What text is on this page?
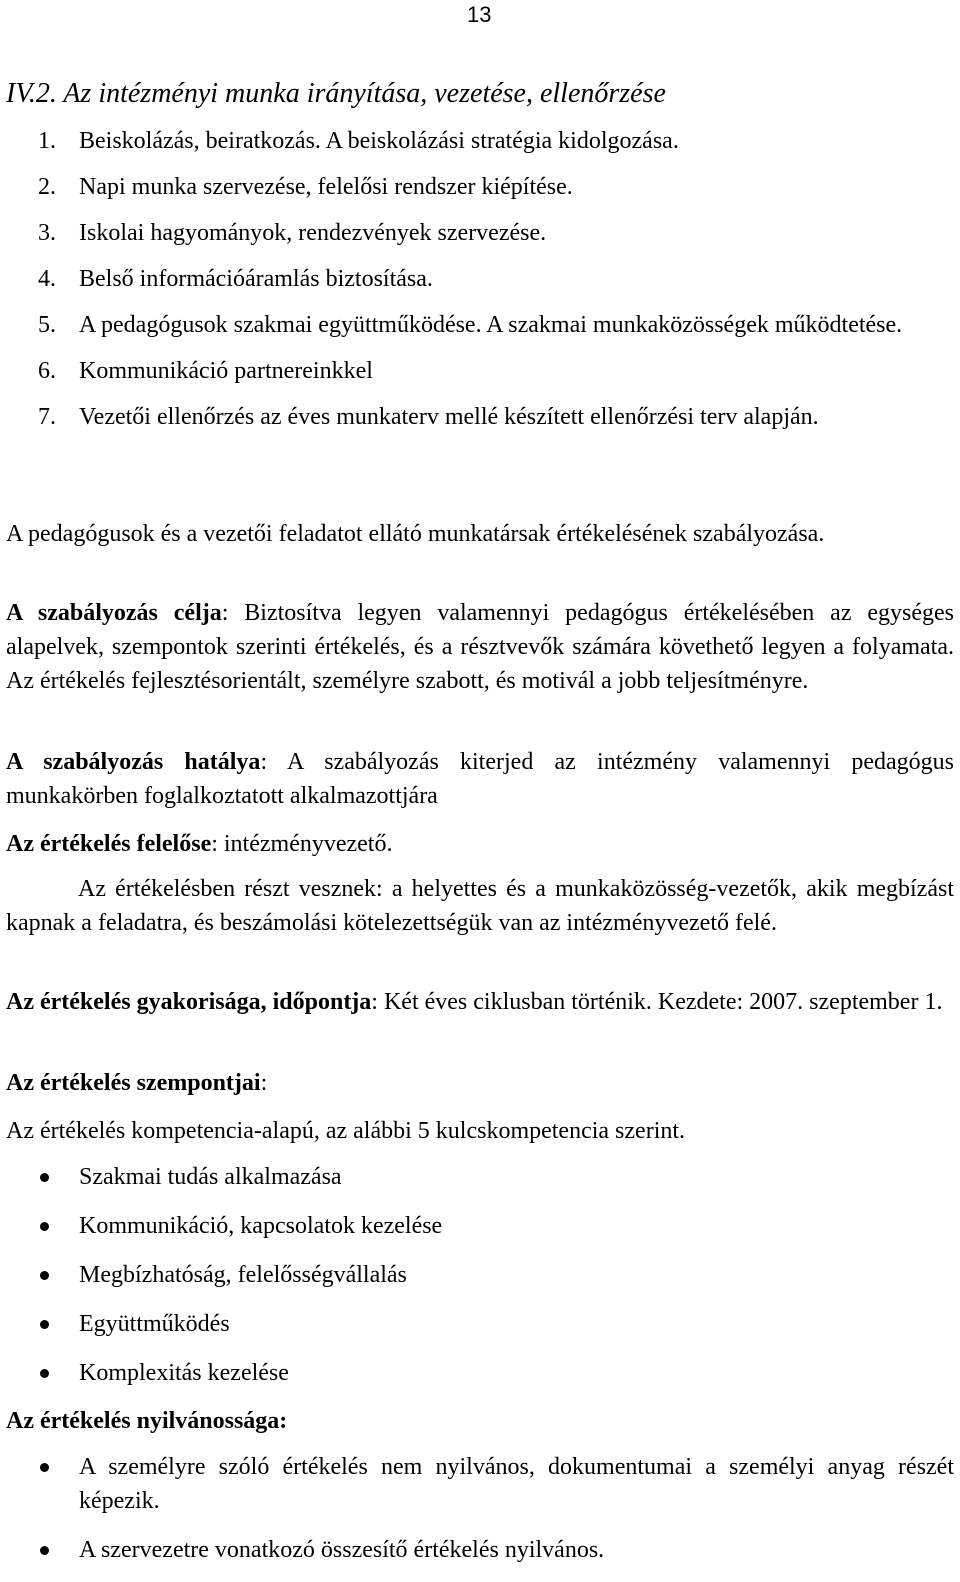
13
IV.2. Az intézményi munka irányítása, vezetése, ellenőrzése
1. Beiskolázás, beiratkozás. A beiskolázási stratégia kidolgozása.
2. Napi munka szervezése, felelősi rendszer kiépítése.
3. Iskolai hagyományok, rendezvények szervezése.
4. Belső információáramlás biztosítása.
5. A pedagógusok szakmai együttműködése. A szakmai munkaközösségek működtetése.
6. Kommunikáció partnereinkkel
7. Vezetői ellenőrzés az éves munkaterv mellé készített ellenőrzési terv alapján.

A pedagógusok és a vezetői feladatot ellátó munkatársak értékelésének szabályozása.

A szabályozás célja: Biztosítva legyen valamennyi pedagógus értékelésében az egységes alapelvek, szempontok szerinti értékelés, és a résztvevők számára követhető legyen a folyamata. Az értékelés fejlesztésorientált, személyre szabott, és motivál a jobb teljesítményre.

A szabályozás hatálya: A szabályozás kiterjed az intézmény valamennyi pedagógus munkakörben foglalkoztatott alkalmazottjára

Az értékelés felelőse: intézményvezető.

Az értékelésben részt vesznek: a helyettes és a munkaközösség-vezetők, akik megbízást kapnak a feladatra, és beszámolási kötelezettségük van az intézményvezető felé.

Az értékelés gyakorisága, időpontja: Két éves ciklusban történik. Kezdete: 2007. szeptember 1.

Az értékelés szempontjai:

Az értékelés kompetencia-alapú, az alábbi 5 kulcskompetencia szerint.

Szakmai tudás alkalmazása
Kommunikáció, kapcsolatok kezelése
Megbízhatóság, felelősségvállalás
Együttműködés
Komplexitás kezelése

Az értékelés nyilvánossága:

A személyre szóló értékelés nem nyilvános, dokumentumai a személyi anyag részét képezik.
A szervezetre vonatkozó összesítő értékelés nyilvános.
